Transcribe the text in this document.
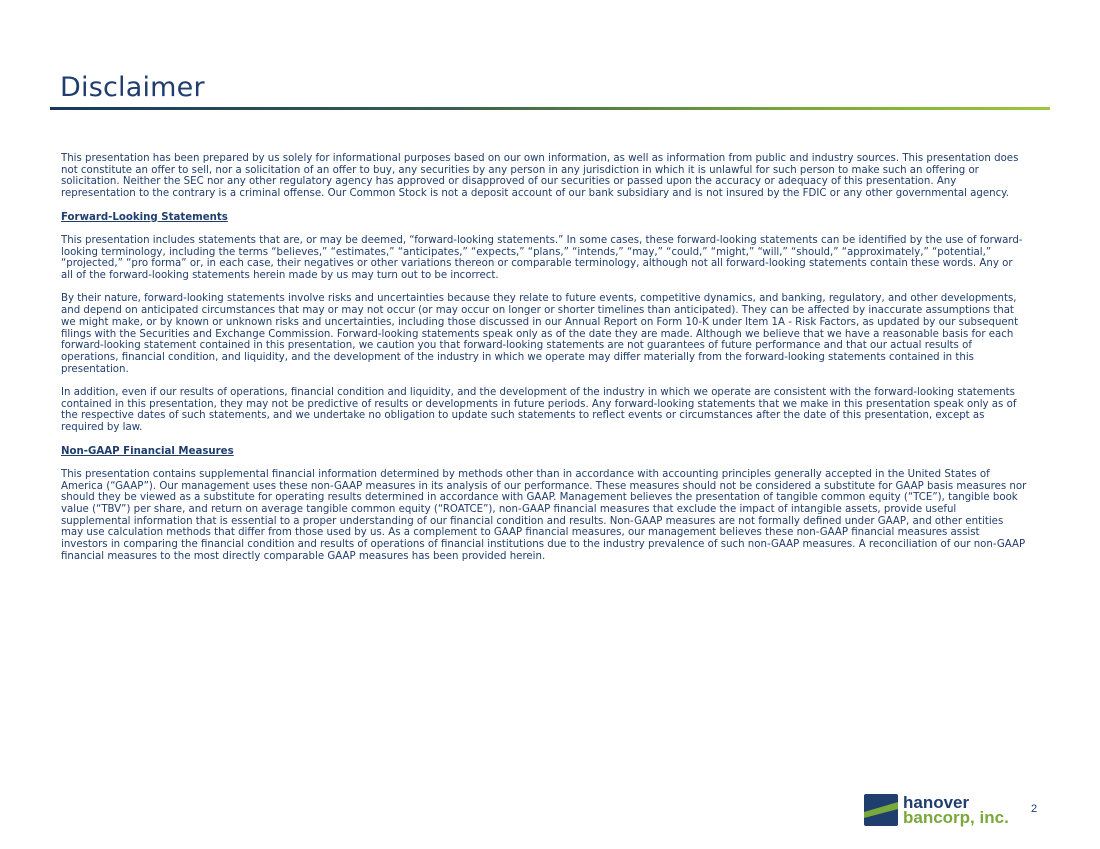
Disclaimer

This presentation has been prepared by us solely for informational purposes based on our own information, as well as information from public and industry sources. This presentation does not constitute an offer to sell, nor a solicitation of an offer to buy, any securities by any person in any jurisdiction in which it is unlawful for such person to make such an offering or solicitation. Neither the SEC nor any other regulatory agency has approved or disapproved of our securities or passed upon the accuracy or adequacy of this presentation. Any representation to the contrary is a criminal offense. Our Common Stock is not a deposit account of our bank subsidiary and is not insured by the FDIC or any other governmental agency.

Forward-Looking Statements

This presentation includes statements that are, or may be deemed, “forward-looking statements.” In some cases, these forward-looking statements can be identified by the use of forward-looking terminology, including the terms “believes,” “estimates,” “anticipates,” “expects,” “plans,” “intends,” “may,” “could,” “might,” “will,” “should,” “approximately,” “potential,” “projected,” “pro forma” or, in each case, their negatives or other variations thereon or comparable terminology, although not all forward-looking statements contain these words. Any or all of the forward-looking statements herein made by us may turn out to be incorrect.

By their nature, forward-looking statements involve risks and uncertainties because they relate to future events, competitive dynamics, and banking, regulatory, and other developments, and depend on anticipated circumstances that may or may not occur (or may occur on longer or shorter timelines than anticipated). They can be affected by inaccurate assumptions that we might make, or by known or unknown risks and uncertainties, including those discussed in our Annual Report on Form 10-K under Item 1A - Risk Factors, as updated by our subsequent filings with the Securities and Exchange Commission. Forward-looking statements speak only as of the date they are made. Although we believe that we have a reasonable basis for each forward-looking statement contained in this presentation, we caution you that forward-looking statements are not guarantees of future performance and that our actual results of operations, financial condition, and liquidity, and the development of the industry in which we operate may differ materially from the forward-looking statements contained in this presentation.

In addition, even if our results of operations, financial condition and liquidity, and the development of the industry in which we operate are consistent with the forward-looking statements contained in this presentation, they may not be predictive of results or developments in future periods. Any forward-looking statements that we make in this presentation speak only as of the respective dates of such statements, and we undertake no obligation to update such statements to reflect events or circumstances after the date of this presentation, except as required by law.

Non-GAAP Financial Measures

This presentation contains supplemental financial information determined by methods other than in accordance with accounting principles generally accepted in the United States of America (“GAAP”). Our management uses these non-GAAP measures in its analysis of our performance. These measures should not be considered a substitute for GAAP basis measures nor should they be viewed as a substitute for operating results determined in accordance with GAAP. Management believes the presentation of tangible common equity (“TCE”), tangible book value (“TBV”) per share, and return on average tangible common equity (“ROATCE”), non-GAAP financial measures that exclude the impact of intangible assets, provide useful supplemental information that is essential to a proper understanding of our financial condition and results. Non-GAAP measures are not formally defined under GAAP, and other entities may use calculation methods that differ from those used by us. As a complement to GAAP financial measures, our management believes these non-GAAP financial measures assist investors in comparing the financial condition and results of operations of financial institutions due to the industry prevalence of such non-GAAP measures. A reconciliation of our non-GAAP financial measures to the most directly comparable GAAP measures has been provided herein.

hanover
bancorp, inc. 2
